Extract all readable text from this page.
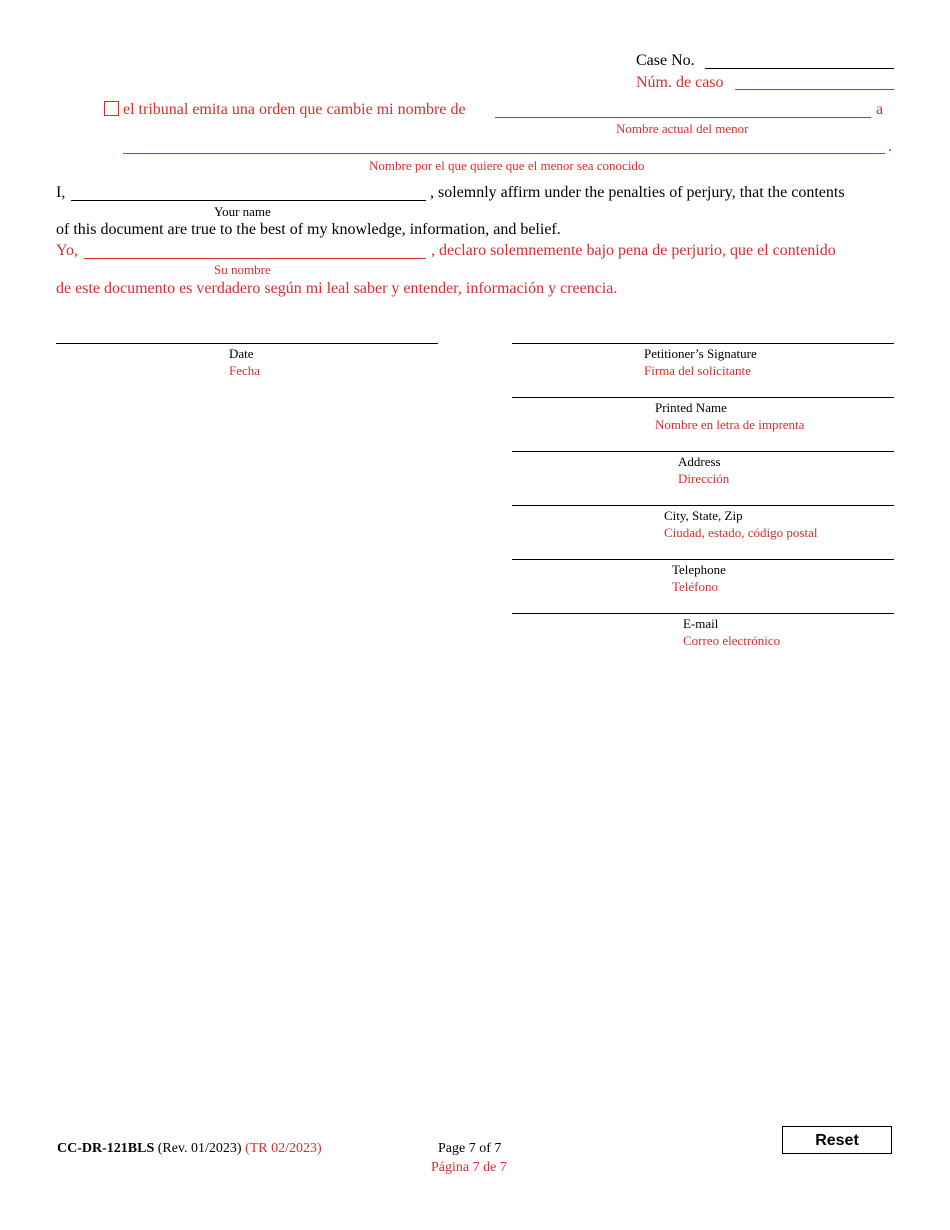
Case No.
Núm. de caso
el tribunal emita una orden que cambie mi nombre de	a
Nombre actual del menor
.
Nombre por el que quiere que el menor sea conocido
I,	, solemnly affirm under the penalties of perjury, that the contents
Your name
of this document are true to the best of my knowledge, information, and belief.
Yo,	, declaro solemnemente bajo pena de perjurio, que el contenido
Su nombre
de este documento es verdadero según mi leal saber y entender, información y creencia.
Date
Fecha
Petitioner’s Signature
Firma del solicitante
Printed Name
Nombre en letra de imprenta
Address
Dirección
City, State, Zip
Ciudad, estado, código postal
Telephone
Teléfono
E-mail
Correo electrónico
CC-DR-121BLS (Rev. 01/2023) (TR 02/2023)	Page 7 of 7
Página 7 de 7
Reset
